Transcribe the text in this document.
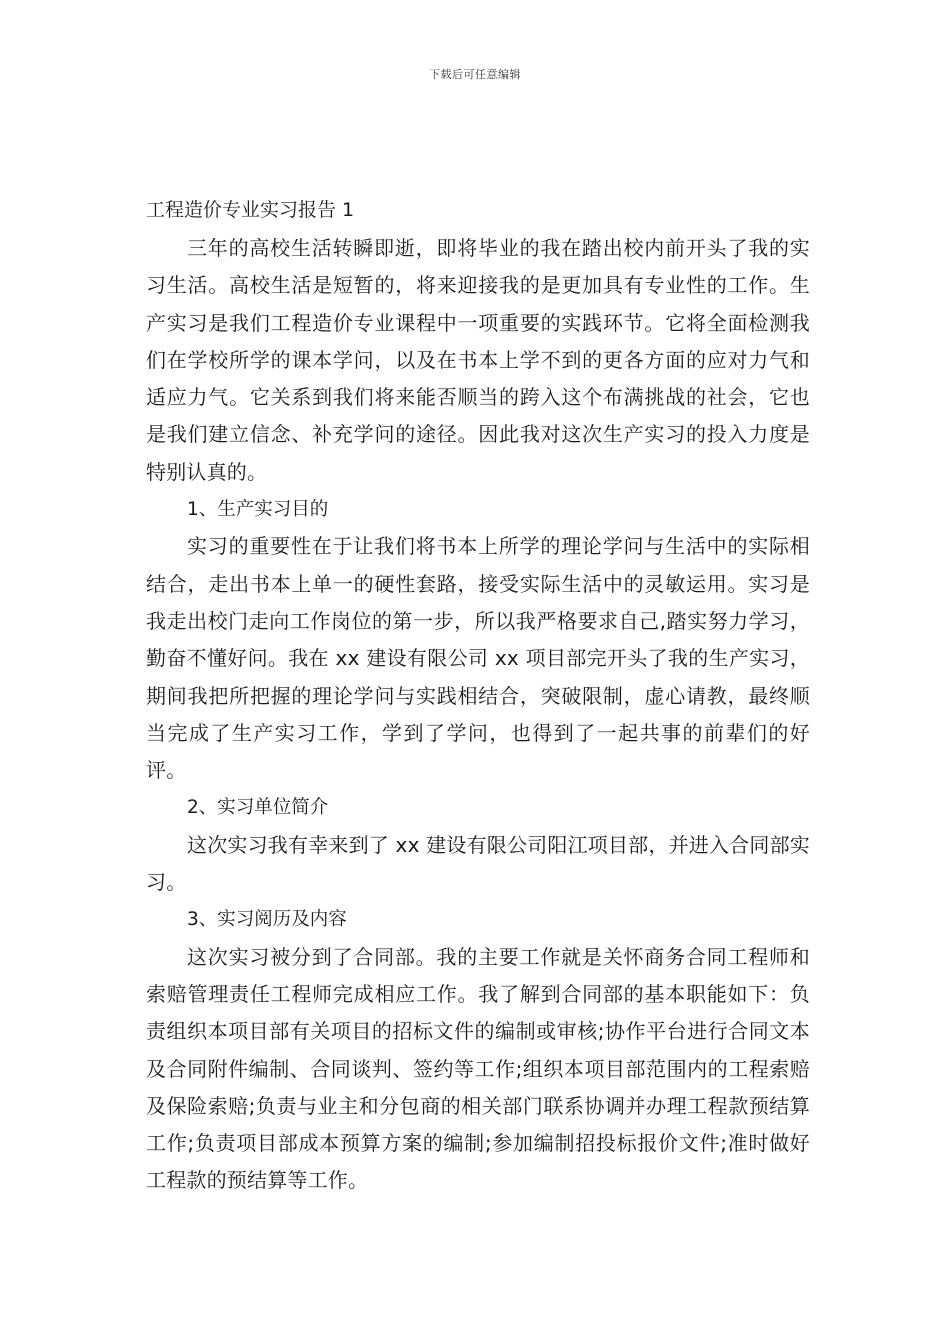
下载后可任意编辑
工程造价专业实习报告 1

三年的高校生活转瞬即逝，即将毕业的我在踏出校内前开头了我的实习生活。高校生活是短暂的，将来迎接我的是更加具有专业性的工作。生产实习是我们工程造价专业课程中一项重要的实践环节。它将全面检测我们在学校所学的课本学问，以及在书本上学不到的更各方面的应对力气和适应力气。它关系到我们将来能否顺当的跨入这个布满挑战的社会，它也是我们建立信念、补充学问的途径。因此我对这次生产实习的投入力度是特别认真的。

1、生产实习目的

实习的重要性在于让我们将书本上所学的理论学问与生活中的实际相结合，走出书本上单一的硬性套路，接受实际生活中的灵敏运用。实习是我走出校门走向工作岗位的第一步，所以我严格要求自己,踏实努力学习，勤奋不懂好问。我在 xx 建设有限公司 xx 项目部完开头了我的生产实习，期间我把所把握的理论学问与实践相结合，突破限制，虚心请教，最终顺当完成了生产实习工作，学到了学问，也得到了一起共事的前辈们的好评。

2、实习单位简介

这次实习我有幸来到了 xx 建设有限公司阳江项目部，并进入合同部实习。

3、实习阅历及内容

这次实习被分到了合同部。我的主要工作就是关怀商务合同工程师和索赔管理责任工程师完成相应工作。我了解到合同部的基本职能如下：负责组织本项目部有关项目的招标文件的编制或审核;协作平台进行合同文本及合同附件编制、合同谈判、签约等工作;组织本项目部范围内的工程索赔及保险索赔;负责与业主和分包商的相关部门联系协调并办理工程款预结算工作;负责项目部成本预算方案的编制;参加编制招投标报价文件;准时做好工程款的预结算等工作。
